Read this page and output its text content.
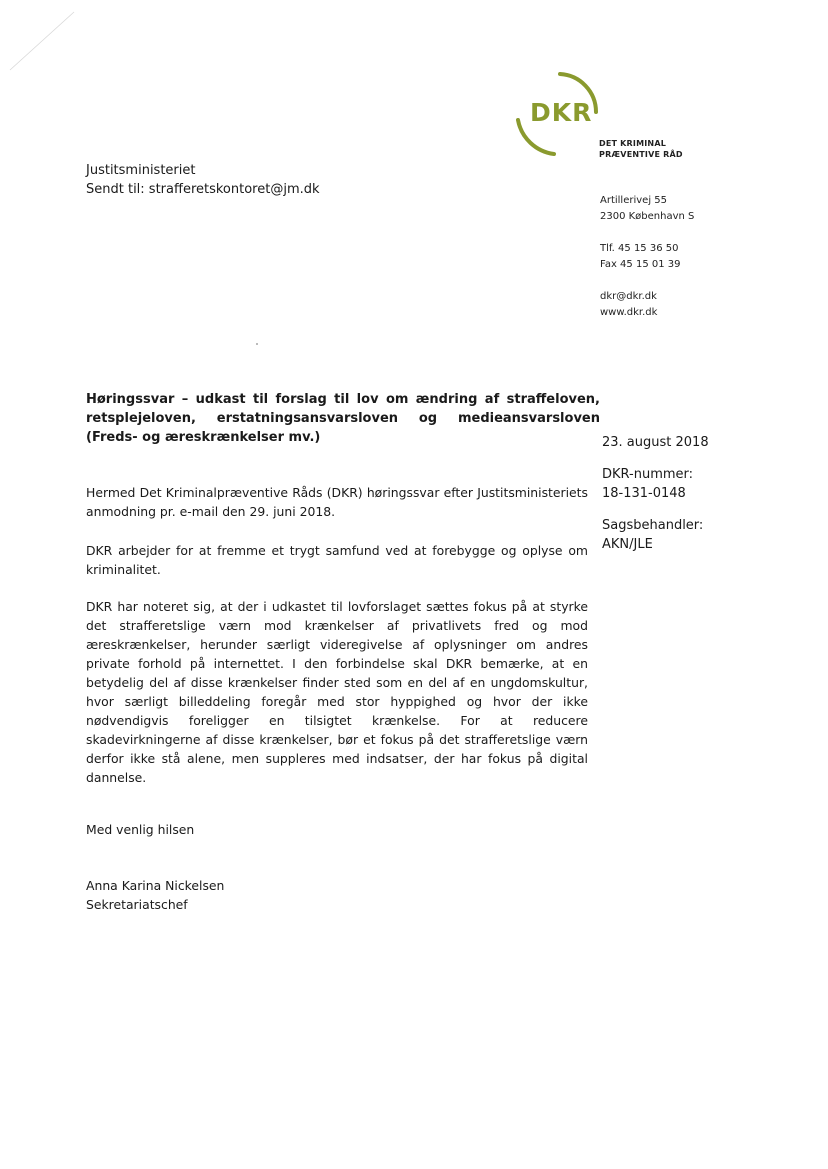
DKR
DET KRIMINAL
PRÆVENTIVE RÅD
Justitsministeriet
Sendt til: strafferetskontoret@jm.dk
Artillerivej 55
2300 København S
Tlf. 45 15 36 50
Fax 45 15 01 39
dkr@dkr.dk
www.dkr.dk
Høringssvar – udkast til forslag til lov om ændring af straffeloven,
retsplejeloven, erstatningsansvarsloven og medieansvarsloven
(Freds- og æreskrænkelser mv.)	23. august 2018
DKR-nummer:
18-131-0148
Sagsbehandler:
AKN/JLE
Hermed Det Kriminalpræventive Råds (DKR) høringssvar efter Justitsministeriets anmodning pr. e-mail den 29. juni 2018.
DKR arbejder for at fremme et trygt samfund ved at forebygge og oplyse om kriminalitet.
DKR har noteret sig, at der i udkastet til lovforslaget sættes fokus på at styrke det strafferetslige værn mod krænkelser af privatlivets fred og mod æreskrænkelser, herunder særligt videregivelse af oplysninger om andres private forhold på internettet. I den forbindelse skal DKR bemærke, at en betydelig del af disse krænkelser finder sted som en del af en ungdomskultur, hvor særligt billeddeling foregår med stor hyppighed og hvor der ikke nødvendigvis foreligger en tilsigtet krænkelse. For at reducere skadevirkningerne af disse krænkelser, bør et fokus på det strafferetslige værn derfor ikke stå alene, men suppleres med indsatser, der har fokus på digital dannelse.
Med venlig hilsen
Anna Karina Nickelsen
Sekretariatschef
